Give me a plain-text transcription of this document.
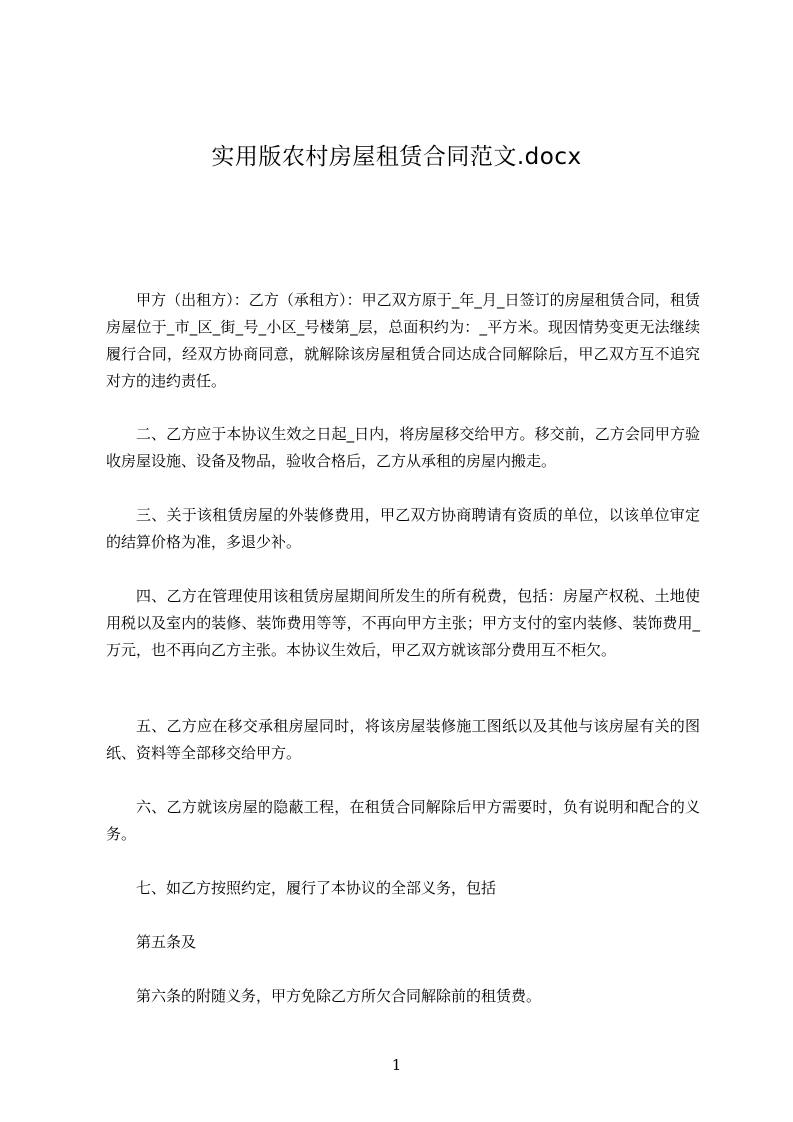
实用版农村房屋租赁合同范文.docx

甲方（出租方）：乙方（承租方）：甲乙双方原于_年_月_日签订的房屋租赁合同，租赁房屋位于_市_区_街_号_小区_号楼第_层，总面积约为：_平方米。现因情势变更无法继续履行合同，经双方协商同意，就解除该房屋租赁合同达成合同解除后，甲乙双方互不追究对方的违约责任。

二、乙方应于本协议生效之日起_日内，将房屋移交给甲方。移交前，乙方会同甲方验收房屋设施、设备及物品，验收合格后，乙方从承租的房屋内搬走。

三、关于该租赁房屋的外装修费用，甲乙双方协商聘请有资质的单位，以该单位审定的结算价格为准，多退少补。

四、乙方在管理使用该租赁房屋期间所发生的所有税费，包括：房屋产权税、土地使用税以及室内的装修、装饰费用等等，不再向甲方主张；甲方支付的室内装修、装饰费用_万元，也不再向乙方主张。本协议生效后，甲乙双方就该部分费用互不柜欠。

五、乙方应在移交承租房屋同时，将该房屋装修施工图纸以及其他与该房屋有关的图纸、资料等全部移交给甲方。

六、乙方就该房屋的隐蔽工程，在租赁合同解除后甲方需要时，负有说明和配合的义务。

七、如乙方按照约定，履行了本协议的全部义务，包括

第五条及

第六条的附随义务，甲方免除乙方所欠合同解除前的租赁费。

1
